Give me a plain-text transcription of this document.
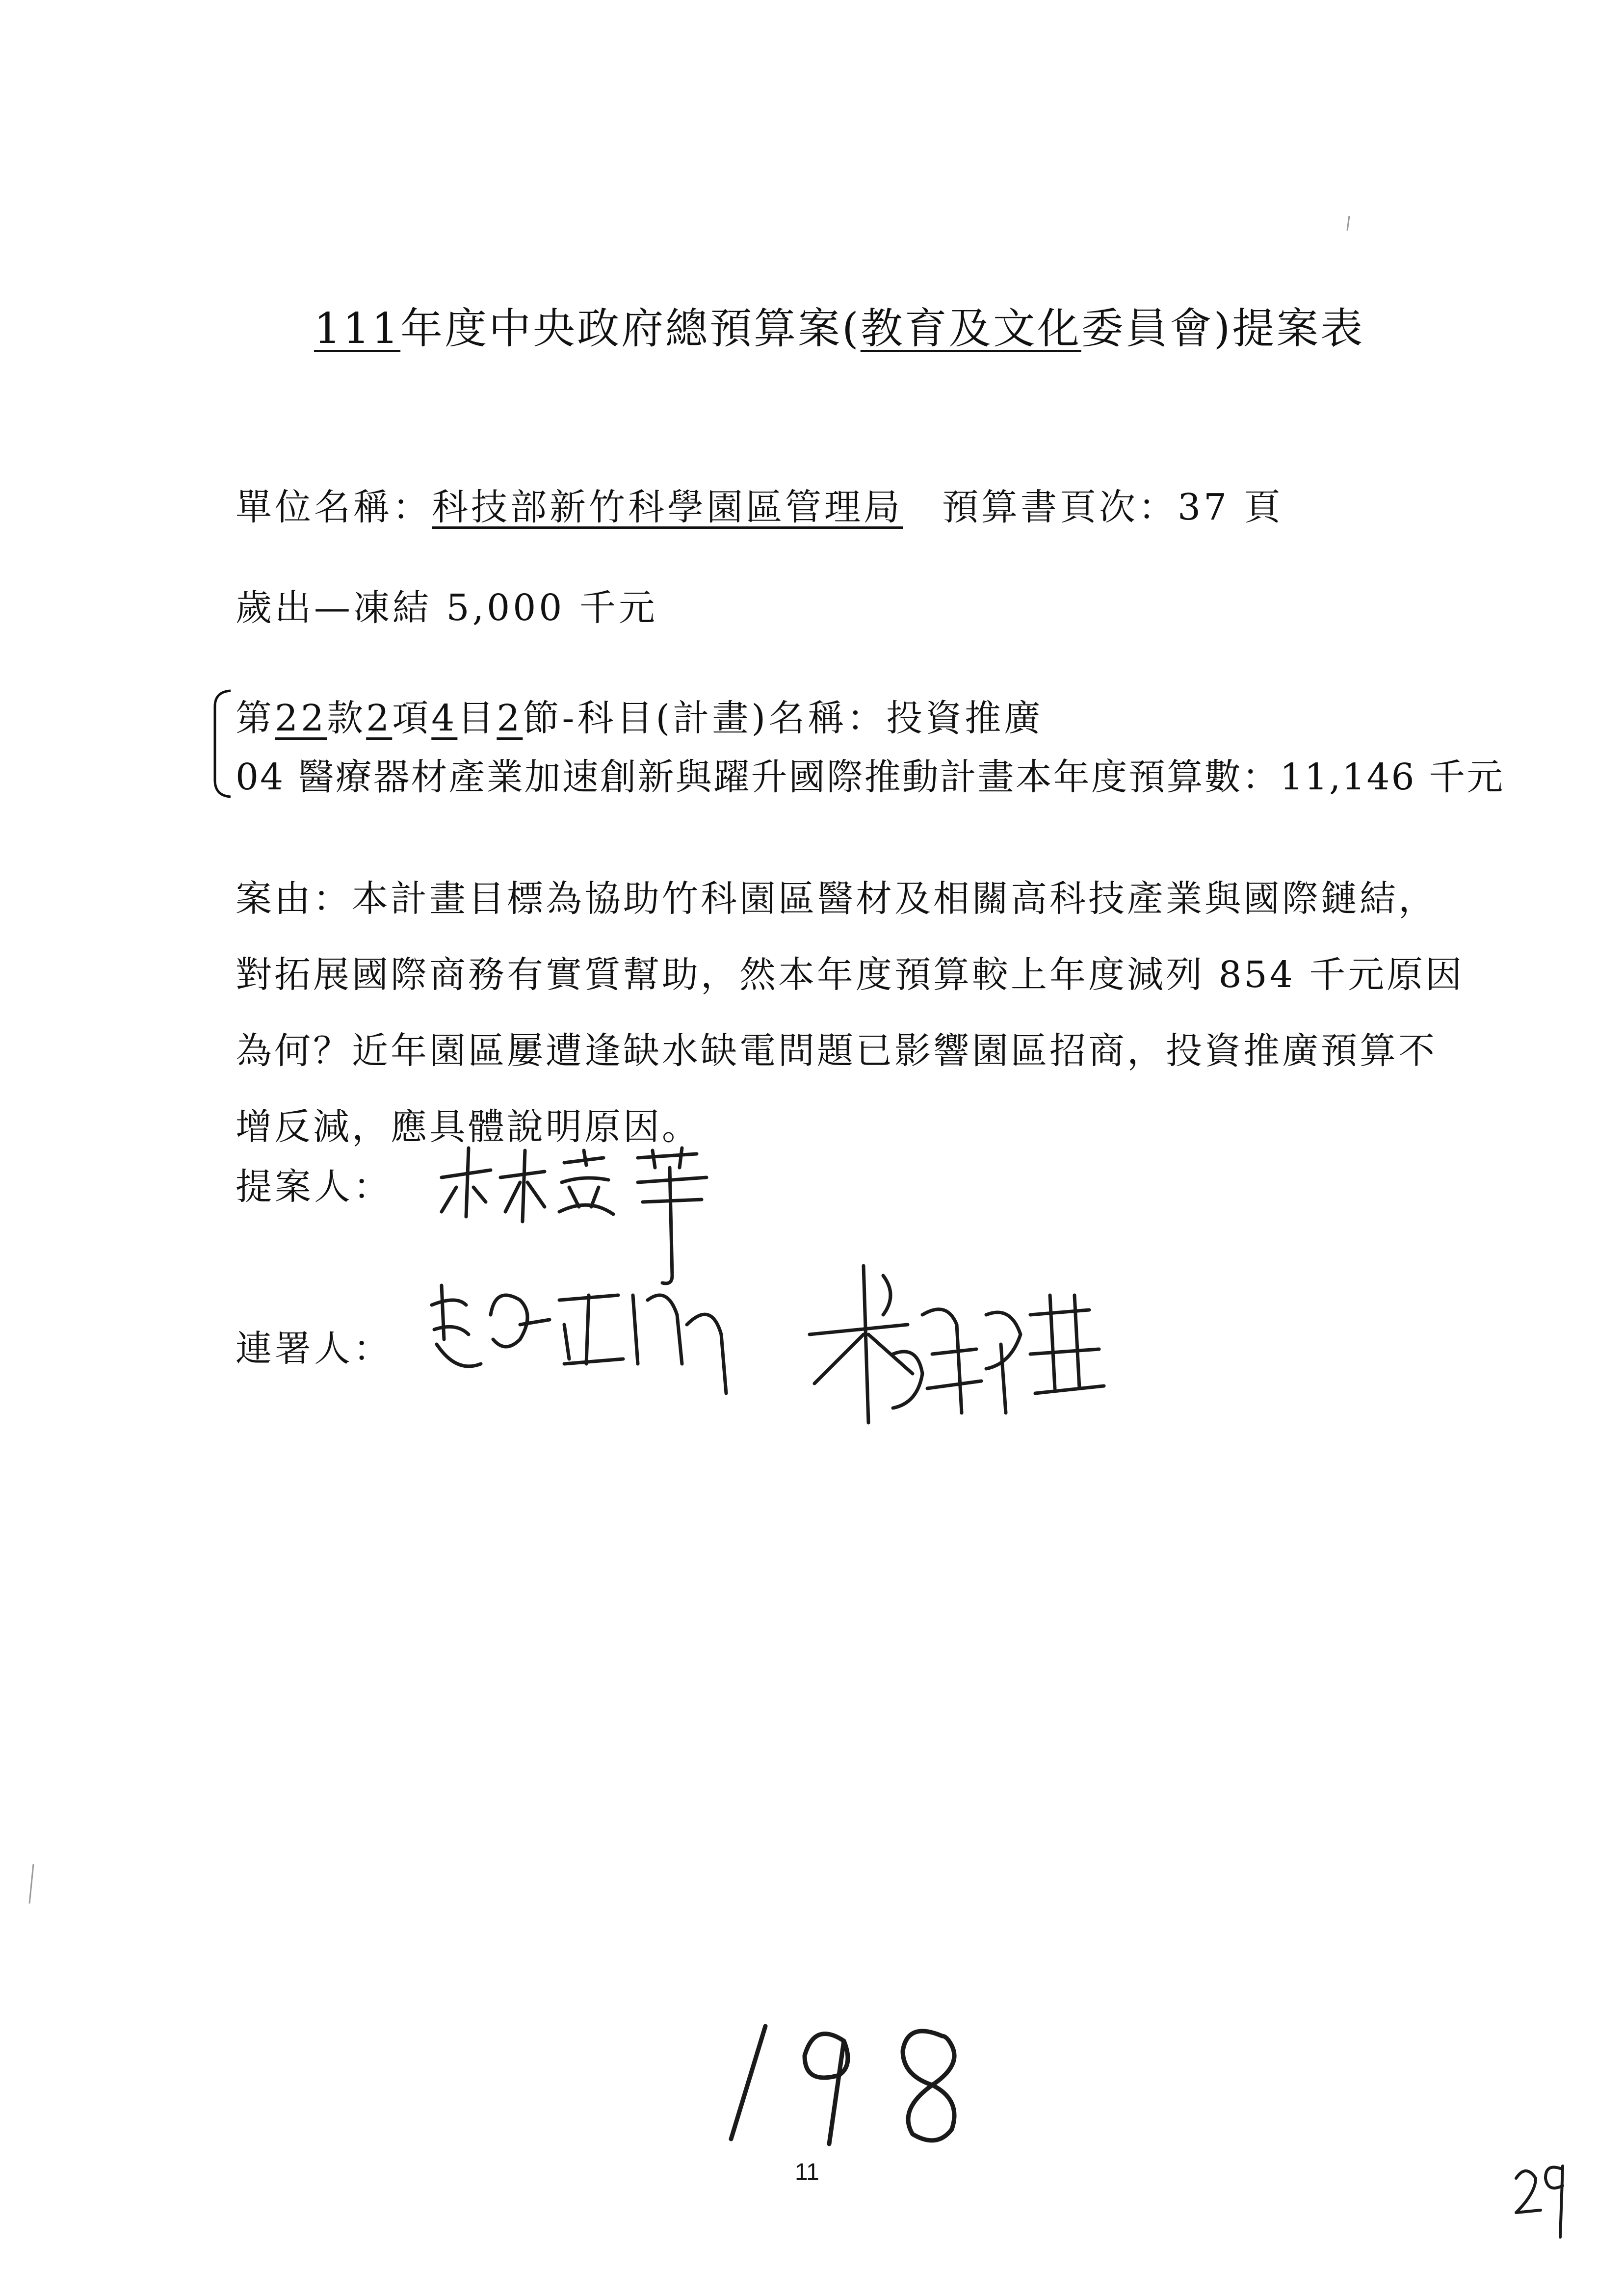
111年度中央政府總預算案(教育及文化委員會)提案表
單位名稱：科技部新竹科學園區管理局  預算書頁次：37 頁
歲出—凍結 5,000 千元
第22款2項4目2節-科目(計畫)名稱：投資推廣
04 醫療器材產業加速創新與躍升國際推動計畫本年度預算數：11,146 千元
案由：本計畫目標為協助竹科園區醫材及相關高科技產業與國際鏈結，
對拓展國際商務有實質幫助，然本年度預算較上年度減列 854 千元原因
為何？近年園區屢遭逢缺水缺電問題已影響園區招商，投資推廣預算不
增反減，應具體說明原因。
提案人：
連署人：
11
